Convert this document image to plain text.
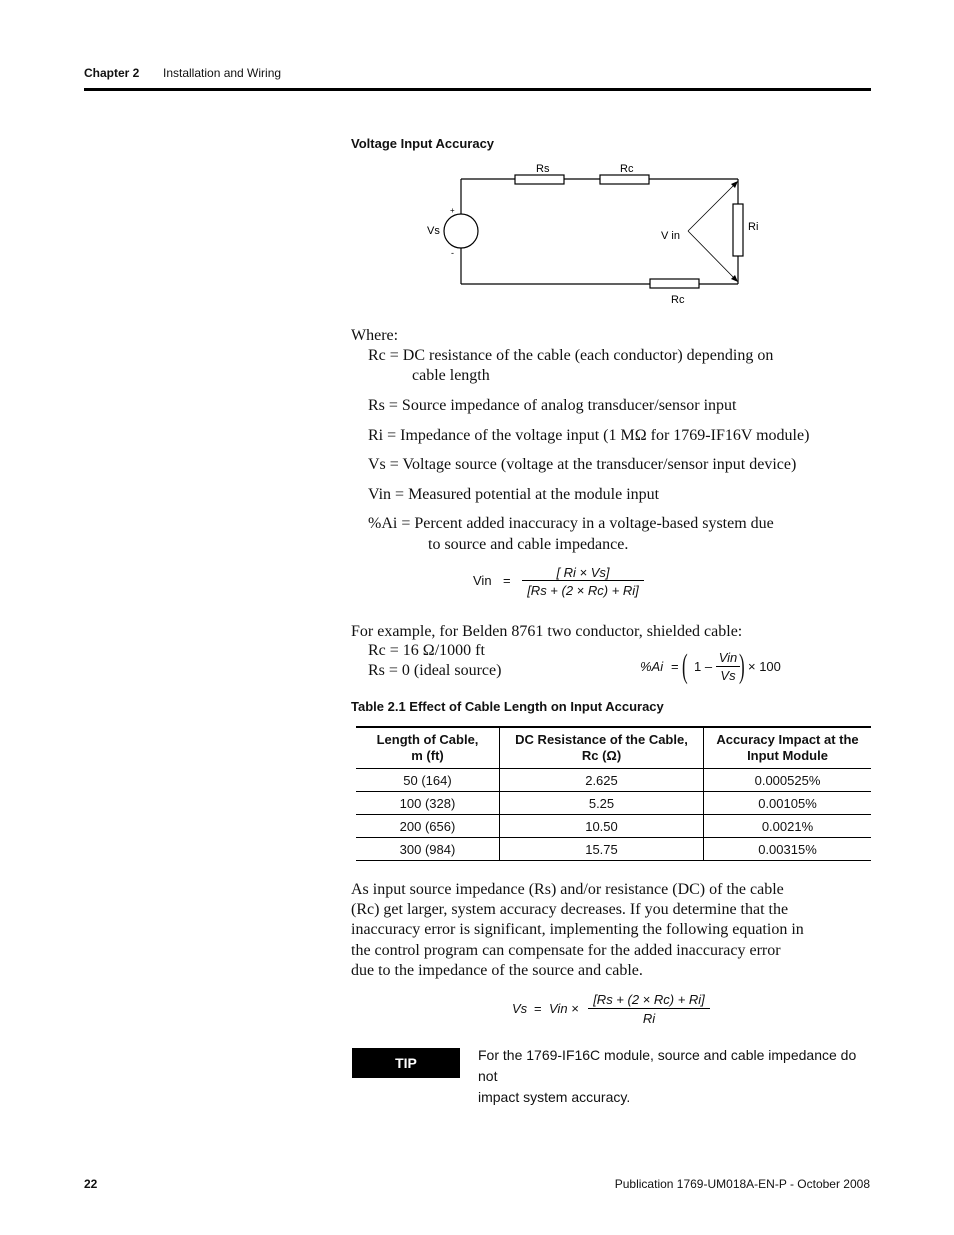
Chapter 2 Installation and Wiring
Voltage Input Accuracy
Rs	Rc
Rc
Ri
Vs	V in
+
-
Where:
Rc = DC resistance of the cable (each conductor) depending on
cable length
Rs = Source impedance of analog transducer/sensor input
Ri = Impedance of the voltage input (1 MΩ for 1769-IF16V module)
Vs = Voltage source (voltage at the transducer/sensor input device)
Vin = Measured potential at the module input
%Ai = Percent added inaccuracy in a voltage-based system due
to source and cable impedance.
Vin =
[ Ri × Vs]
[Rs + (2 × Rc) + Ri]
For example, for Belden 8761 two conductor, shielded cable:
Rc = 16 Ω/1000 ft
Rs = 0 (ideal source)	%Ai = ( 1 –
Vin
Vs ) × 100
Table 2.1 Effect of Cable Length on Input Accuracy
Length of Cable,
m (ft)	DC Resistance of the Cable,
Rc (Ω)	Accuracy Impact at the
Input Module
50 (164)	2.625	0.000525%
100 (328)	5.25	0.00105%
200 (656)	10.50	0.0021%
300 (984)	15.75	0.00315%
As input source impedance (Rs) and/or resistance (DC) of the cable
(Rc) get larger, system accuracy decreases. If you determine that the
inaccuracy error is significant, implementing the following equation in
the control program can compensate for the added inaccuracy error
due to the impedance of the source and cable.
Vs = Vin ×
[Rs + (2 × Rc) + Ri]
Ri
TIP	For the 1769-IF16C module, source and cable impedance do not
impact system accuracy.
22	Publication 1769-UM018A-EN-P - October 2008
